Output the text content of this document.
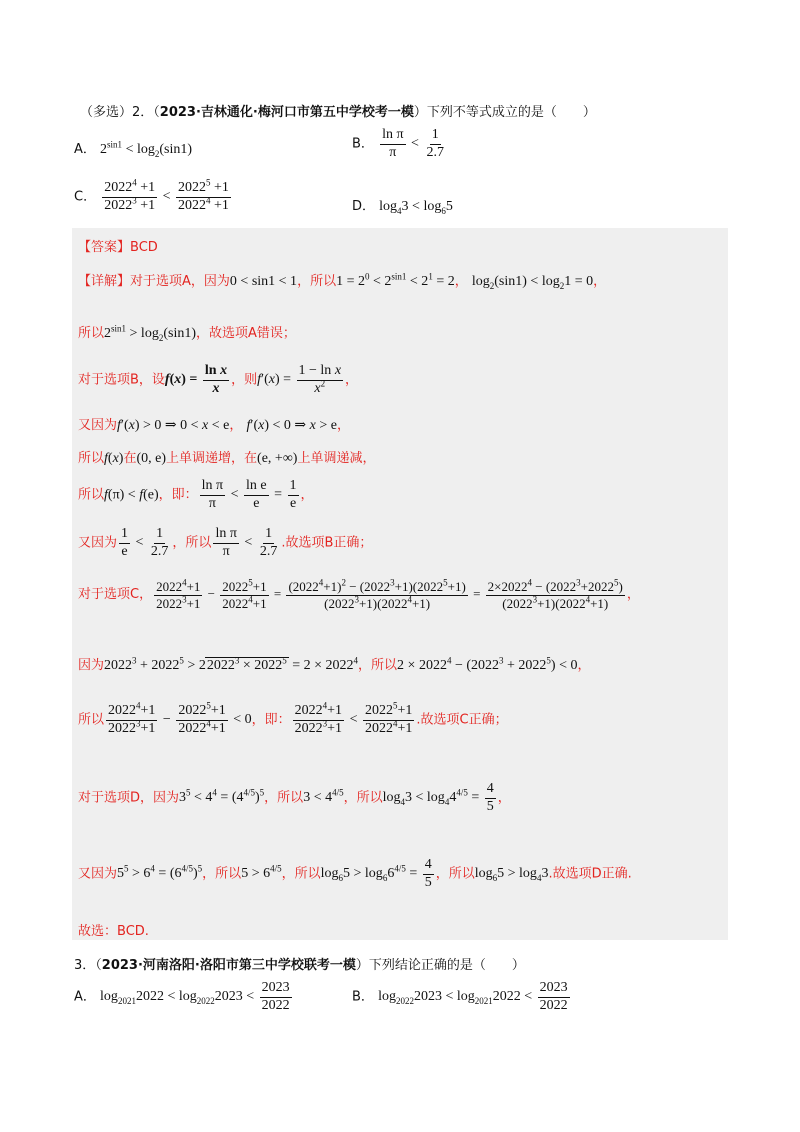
（多选）2．（2023·吉林通化·梅河口市第五中学校考一模）下列不等式成立的是（　　）
A． $2^{sin1} < \log_2(\sin 1)$	B． $\frac{\text{ln π}}{\pi} < \frac{1}{2.7}$
C． $\frac{2022^4 +1}{2022^3 +1} < \frac{2022^5 +1}{2022^4 +1}$	D． $\log_43 < \log_65$
【答案】BCD
【详解】对于选项A，因为0 < sin1 < 1，所以$1 = 2^0 < 2^{sin1} < 2^1 = 2$， $\log_2(\sin 1) < \log_21 = 0$，
所以$2^{sin1} > \log_2(\sin 1)$，故选项A错误；
对于选项B，设$f(x) = \frac{\text{ln x}}{x}$ ，则$f'(x) = \frac{\text{1 − ln x}}{x^2}$ ，
又因为f′(x) > 0 ⇒ 0 < x < e， f′(x) < 0 ⇒ x > e，
所以f(x)在(0, e)上单调递增，在(e, +∞)上单调递减，
所以f(π) < f(e)，即： $\frac{\text{ln π}}{\pi} < \frac{\text{ln e}}{e} = \frac{1}{e}$ ，
又因为 $\frac{1}{e} < \frac{1}{2.7}$ ，所以 $\frac{\text{ln π}}{\pi} < \frac{1}{2.7}$ .故选项B正确；
对于选项C， $\frac{2022^4+1}{2022^3+1} - \frac{2022^5+1}{2022^4+1} = \frac{(2022^4+1)^2 - (2022^3+1)(2022^5+1)}{(2022^3+1)(2022^4+1)} = \frac{2\times 2022^4 - (2022^3+2022^5)}{(2022^3+1)(2022^4+1)}$ ，
因为$2022^3 + 2022^5 > 22022^3 \times 2022^5 = 2 \times 2022^4$，所以$2 \times 2022^4 - (2022^3 + 2022^5) < 0$，
所以 $\frac{2022^4+1}{2022^3+1} - \frac{2022^5+1}{2022^4+1} < 0$，即： $\frac{2022^4+1}{2022^3+1} < \frac{2022^5+1}{2022^4+1}$ .故选项C正确；
对于选项D，因为$3^5 < 4^4 = (4^{4/5})^5$，所以$3 < 4^{4/5}$，所以$\log_43 < \log_44^{4/5} = \frac{4}{5}$ ，
又因为$5^5 > 6^4 = (6^{4/5})^5$，所以$5 > 6^{4/5}$，所以$\log_65 > \log_66^{4/5} = \frac{4}{5}$ ，所以$\log_65 > \log_43$.故选项D正确.
故选：BCD.
3．（2023·河南洛阳·洛阳市第三中学校联考一模）下列结论正确的是（　　）
A． $\log_{2021}2022 < \log_{2022}2023 < \frac{2023}{2022}$	B． $\log_{2022}2023 < \log_{2021}2022 < \frac{2023}{2022}$
